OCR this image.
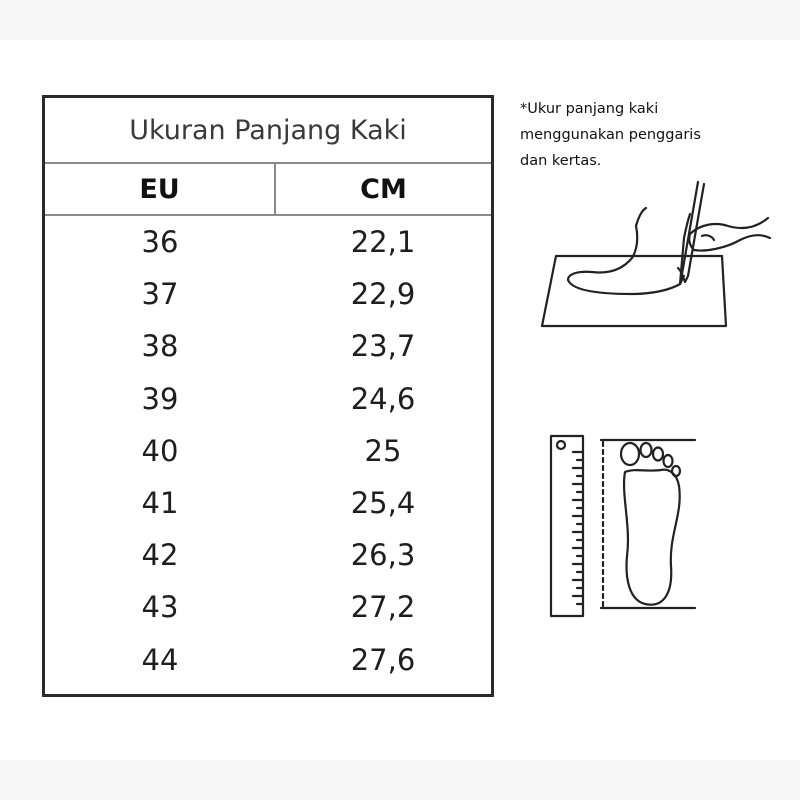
Ukuran Panjang Kaki
EU	CM
36	22,1
37	22,9
38	23,7
39	24,6
40	25
41	25,4
42	26,3
43	27,2
44	27,6
*Ukur panjang kaki
menggunakan penggaris
dan kertas.
